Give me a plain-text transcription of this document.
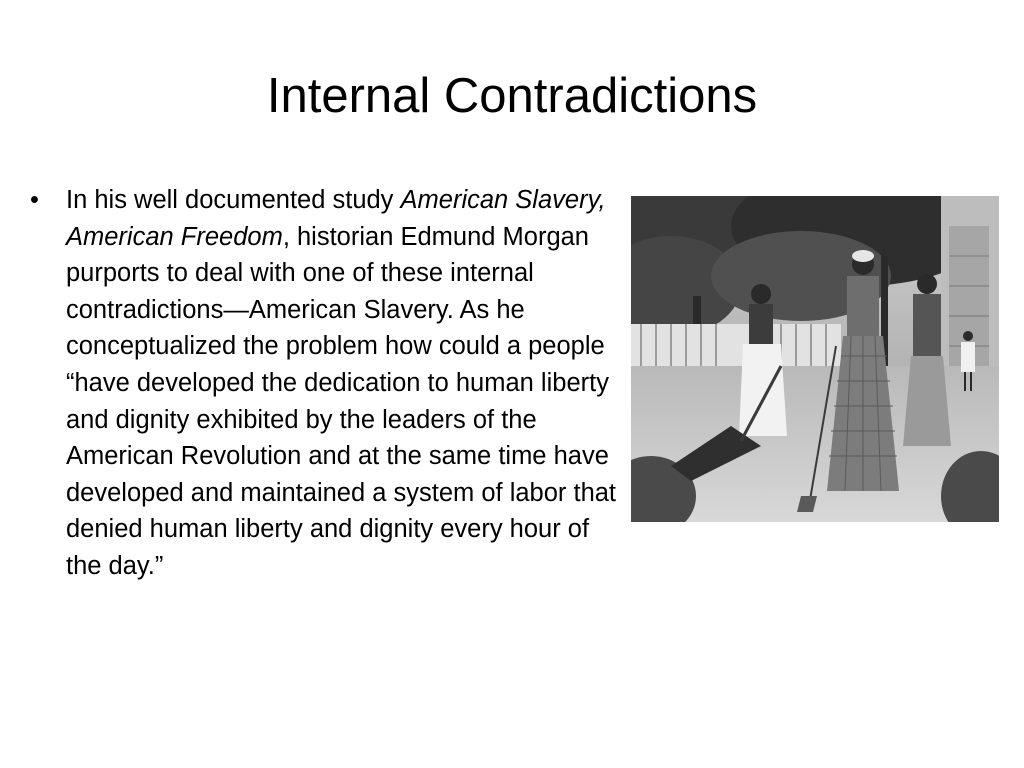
Internal Contradictions
• In his well documented study American Slavery, American Freedom, historian Edmund Morgan purports to deal with one of these internal contradictions—American Slavery. As he conceptualized the problem how could a people “have developed the dedication to human liberty and dignity exhibited by the leaders of the American Revolution and at the same time have developed and maintained a system of labor that denied human liberty and dignity every hour of the day.”
